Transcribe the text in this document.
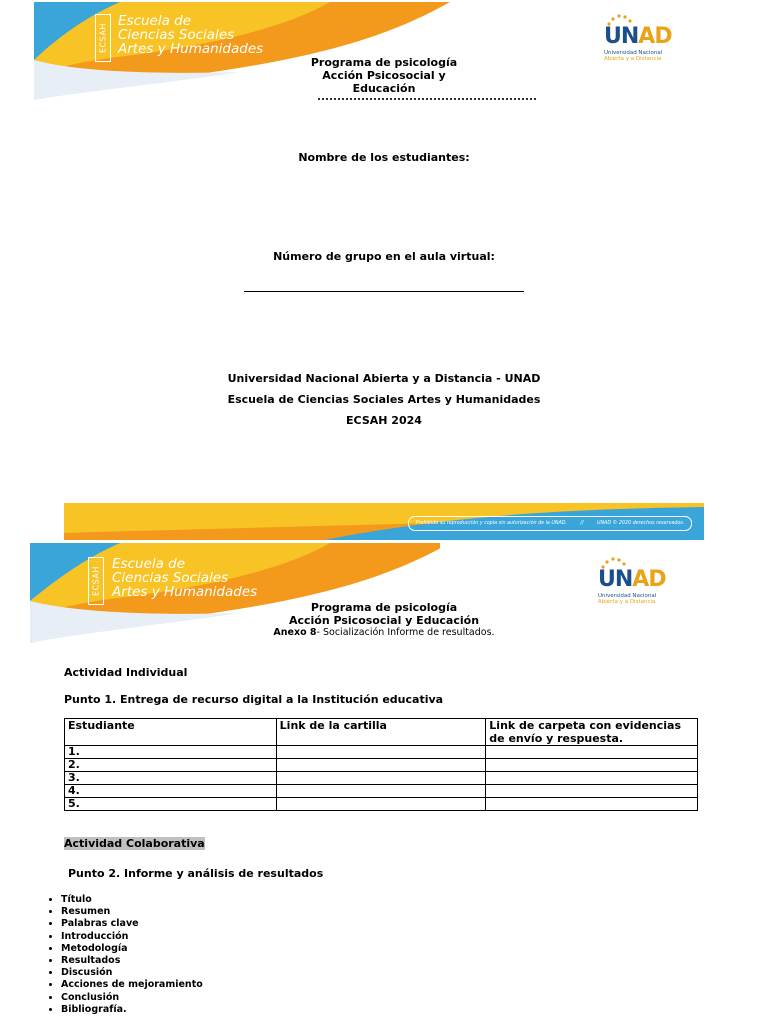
ECSAH
Escuela de
Ciencias Sociales
Artes y Humanidades	UNAD
Universidad Nacional
Abierta y a Distancia
Programa de psicología
Acción Psicosocial y
Educación
Nombre de los estudiantes:
Número de grupo en el aula virtual:
Universidad Nacional Abierta y a Distancia - UNAD
Escuela de Ciencias Sociales Artes y Humanidades
ECSAH 2024
Prohibida su reproducción y copia sin autorización de la UNAD.	//	UNAD © 2020 derechos reservados.
ECSAH
Escuela de
Ciencias Sociales
Artes y Humanidades	UNAD
Universidad Nacional
Abierta y a Distancia
Programa de psicología
Acción Psicosocial y Educación
Anexo 8- Socialización Informe de resultados.
Actividad Individual
Punto 1. Entrega de recurso digital a la Institución educativa
Estudiante	Link de la cartilla	Link de carpeta con evidencias de envío y respuesta.
1.		
2.		
3.		
4.		
5.		
Actividad Colaborativa
Punto 2. Informe y análisis de resultados
• Título
• Resumen
• Palabras clave
• Introducción
• Metodología
• Resultados
• Discusión
• Acciones de mejoramiento
• Conclusión
• Bibliografía.
